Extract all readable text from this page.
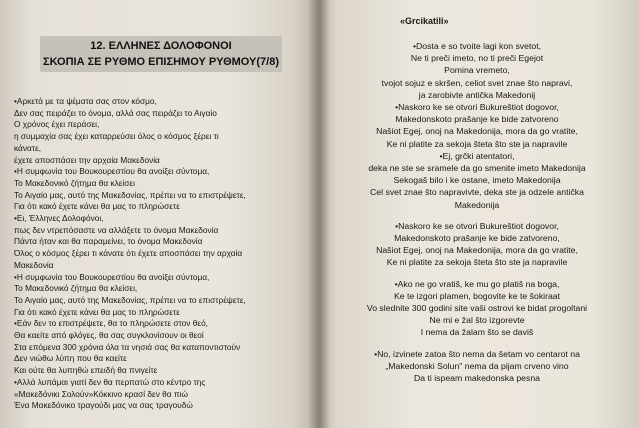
12. ΕΛΛΗΝΕΣ ΔΟΛΟΦΟΝΟΙ
ΣΚΟΠΙΑ ΣΕ ΡΥΘΜΟ ΕΠΙΣΗΜΟΥ ΡΥΘΜΟΥ(7/8)
•Αρκετά με τα ψέματα σας στον κόσμο,
Δεν σας πειράζει το όνομα, αλλά σας πειράζει το Αιγαίο
Ο χρόνος έχει περάσει,
η συμμαχία σας έχει καταρρεύσει όλος ο κόσμος ξέρει τι
κάνατε,
έχετε αποσπάσει την αρχαία Μακεδονία
•Η συμφωνία του Βουκουρεστίου θα ανοίξει σύντομα,
Το Μακεδονικό ζήτημα θα κλείσει
Το Αιγαίο μας, αυτό της Μακεδονίας, πρέπει να το επιστρέψετε,
Για ότι κακό έχετε κάνει θα μας το πληρώσετε
•Ει, Έλληνες Δολοφόνοι,
πως δεν ντρεπόσαστε να αλλάξετε το όνομα Μακεδονία
Πάντα ήταν και θα παραμείνει, το όνομα Μακεδονία
Όλος ο κόσμος ξέρει τι κάνατε ότι έχετε αποσπάσει την αρχαία
Μακεδονία
•Η συμφωνία του Βουκουρεστίου θα ανοίξει σύντομα,
Το Μακεδονικό ζήτημα θα κλείσει,
Το Αιγαίο μας, αυτό της Μακεδονίας, πρέπει να το επιστρέψετε,
Για ότι κακό έχετε κάνει θα μας το πληρώσετε
•Εάν δεν το επιστρέψετε, θα το πληρώσετε στον θεό,
Θα καείτε από φλόγες, θα σας συγκλονίσουν οι θεοί
Στα επόμενα 300 χρόνια όλα τα νησιά σας θα καταποντιστούν
Δεν νιώθω λύπη που θα καείτε
Και ούτε θα λυπηθώ επειδή θα πνιγείτε
•Αλλά λυπάμαι γιατί δεν θα περπατώ στο κέντρο της
«Μακεδόνικι Σολούν»Κόκκινο κρασί δεν θα πιώ
Ένα Μακεδόνικο τραγούδι μας να σας τραγουδώ
«Grcikatili»
•Dosta e so tvoite lagi kon svetot,
Ne ti preči imeto, no ti preči Egejot
Pomina vremeto,
tvojot sojuz e skršen, celiot svet znae što napravi,
ja zarobivte antička Makedonij
•Naskoro ke se otvori Bukureštiot dogovor,
Makedonskoto prašanje ke bide zatvoreno
Našiot Egej, onoj na Makedonija, mora da go vratite,
Ke ni platite za sekoja šteta što ste ja napravile
•Ej, grčki atentatori,
deka ne ste se sramele da go smenite imeto Makedonija
Sekogaš bilo i ke ostane, imeto Makedonija
Cel svet znae što napravivte, deka ste ja odzele antička
Makedonija
•Naskoro ke se otvori Bukureštiot dogovor,
Makedonskoto prašanje ke bide zatvoreno,
Našiot Egej, onoj na Makedonija, mora da go vratite,
Ke ni platite za sekoja šteta što ste ja napravile
•Ako ne go vratiš, ke mu go platiš na boga,
Ke te izgori plamen, bogovite ke te šokiraat
Vo slednite 300 godini site vaši ostrovi ke bidat progoltani
Ne mi e žal što izgorevte
I nema da žalam što se daviš
•No, izvinete zatoa što nema da šetam vo centarot na
„Makedonski Solun" nema da pijam crveno vino
Da ti ispeam makedonska pesna
